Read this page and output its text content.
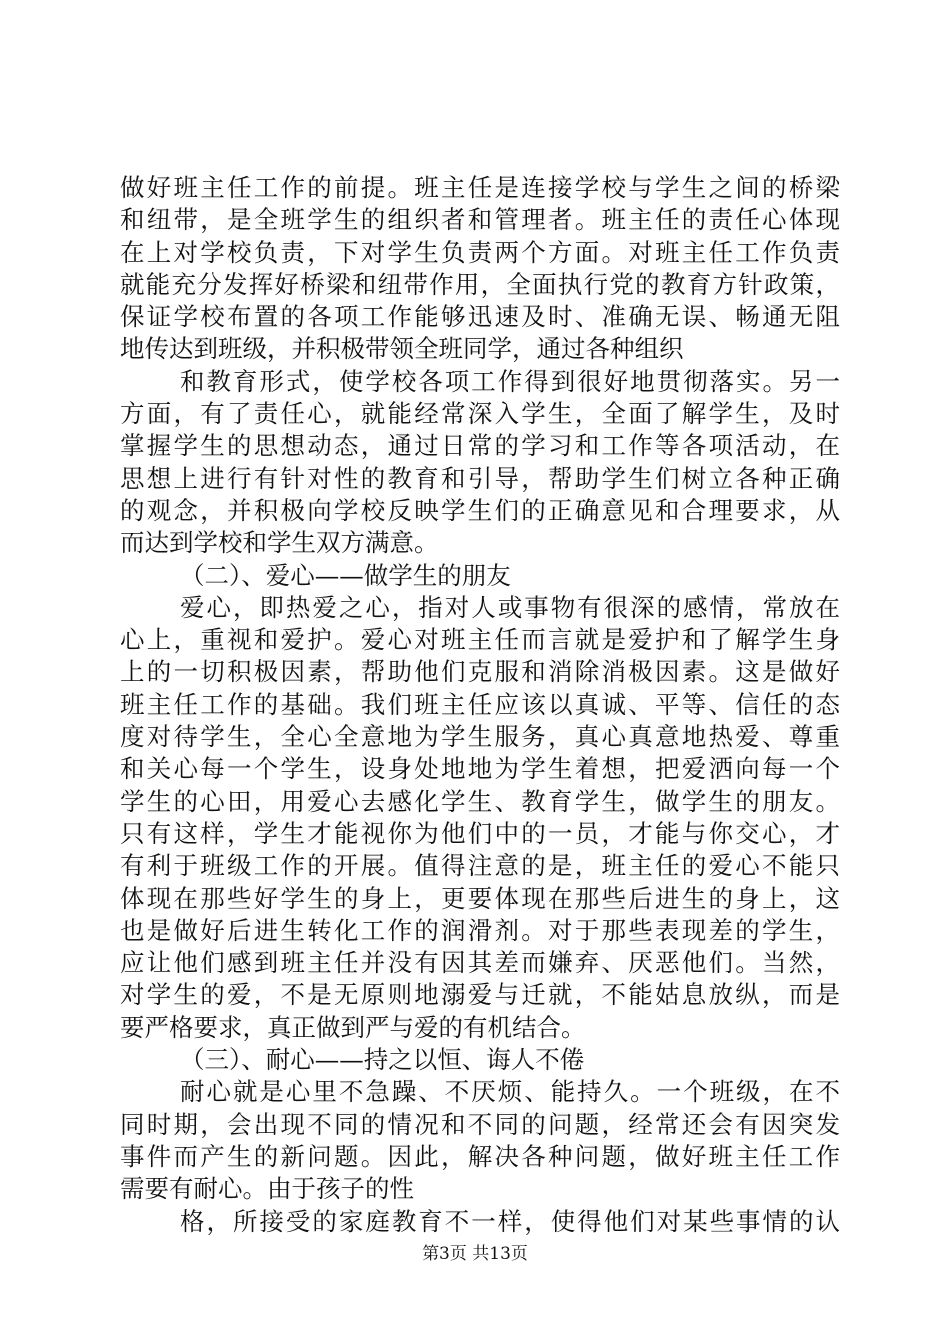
做好班主任工作的前提。班主任是连接学校与学生之间的桥梁
和纽带，是全班学生的组织者和管理者。班主任的责任心体现
在上对学校负责，下对学生负责两个方面。对班主任工作负责
就能充分发挥好桥梁和纽带作用，全面执行党的教育方针政策，
保证学校布置的各项工作能够迅速及时、准确无误、畅通无阻
地传达到班级，并积极带领全班同学，通过各种组织
和教育形式，使学校各项工作得到很好地贯彻落实。另一
方面，有了责任心，就能经常深入学生，全面了解学生，及时
掌握学生的思想动态，通过日常的学习和工作等各项活动，在
思想上进行有针对性的教育和引导，帮助学生们树立各种正确
的观念，并积极向学校反映学生们的正确意见和合理要求，从
而达到学校和学生双方满意。
（二）、爱心——做学生的朋友
爱心，即热爱之心，指对人或事物有很深的感情，常放在
心上，重视和爱护。爱心对班主任而言就是爱护和了解学生身
上的一切积极因素，帮助他们克服和消除消极因素。这是做好
班主任工作的基础。我们班主任应该以真诚、平等、信任的态
度对待学生，全心全意地为学生服务，真心真意地热爱、尊重
和关心每一个学生，设身处地地为学生着想，把爱洒向每一个
学生的心田，用爱心去感化学生、教育学生，做学生的朋友。
只有这样，学生才能视你为他们中的一员，才能与你交心，才
有利于班级工作的开展。值得注意的是，班主任的爱心不能只
体现在那些好学生的身上，更要体现在那些后进生的身上，这
也是做好后进生转化工作的润滑剂。对于那些表现差的学生，
应让他们感到班主任并没有因其差而嫌弃、厌恶他们。当然，
对学生的爱，不是无原则地溺爱与迁就，不能姑息放纵，而是
要严格要求，真正做到严与爱的有机结合。
（三）、耐心——持之以恒、诲人不倦
耐心就是心里不急躁、不厌烦、能持久。一个班级，在不
同时期，会出现不同的情况和不同的问题，经常还会有因突发
事件而产生的新问题。因此，解决各种问题，做好班主任工作
需要有耐心。由于孩子的性
格，所接受的家庭教育不一样，使得他们对某些事情的认
第3页 共13页
